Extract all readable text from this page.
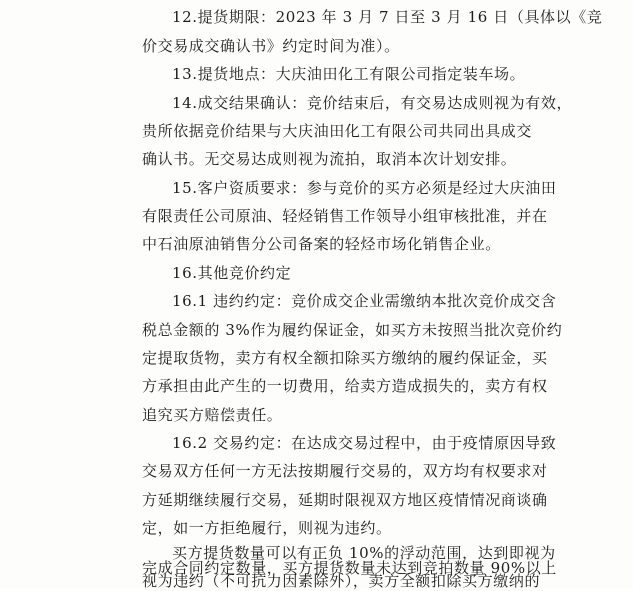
12.提货期限：2023 年 3 月 7 日至 3 月 16 日（具体以《竞
价交易成交确认书》约定时间为准）。
13.提货地点：大庆油田化工有限公司指定装车场。
14.成交结果确认：竞价结束后，有交易达成则视为有效，
贵所依据竞价结果与大庆油田化工有限公司共同出具成交
确认书。无交易达成则视为流拍，取消本次计划安排。
15.客户资质要求：参与竞价的买方必须是经过大庆油田
有限责任公司原油、轻烃销售工作领导小组审核批准，并在
中石油原油销售分公司备案的轻烃市场化销售企业。
16.其他竞价约定
16.1 违约约定：竞价成交企业需缴纳本批次竞价成交含
税总金额的 3%作为履约保证金，如买方未按照当批次竞价约
定提取货物，卖方有权全额扣除买方缴纳的履约保证金，买
方承担由此产生的一切费用，给卖方造成损失的，卖方有权
追究买方赔偿责任。
16.2 交易约定：在达成交易过程中，由于疫情原因导致
交易双方任何一方无法按期履行交易的，双方均有权要求对
方延期继续履行交易，延期时限视双方地区疫情情况商谈确
定，如一方拒绝履行，则视为违约。
买方提货数量可以有正负 10%的浮动范围，达到即视为
完成合同约定数量，买方提货数量未达到竞拍数量 90%以上
视为违约（不可抗力因素除外），卖方全额扣除买方缴纳的
